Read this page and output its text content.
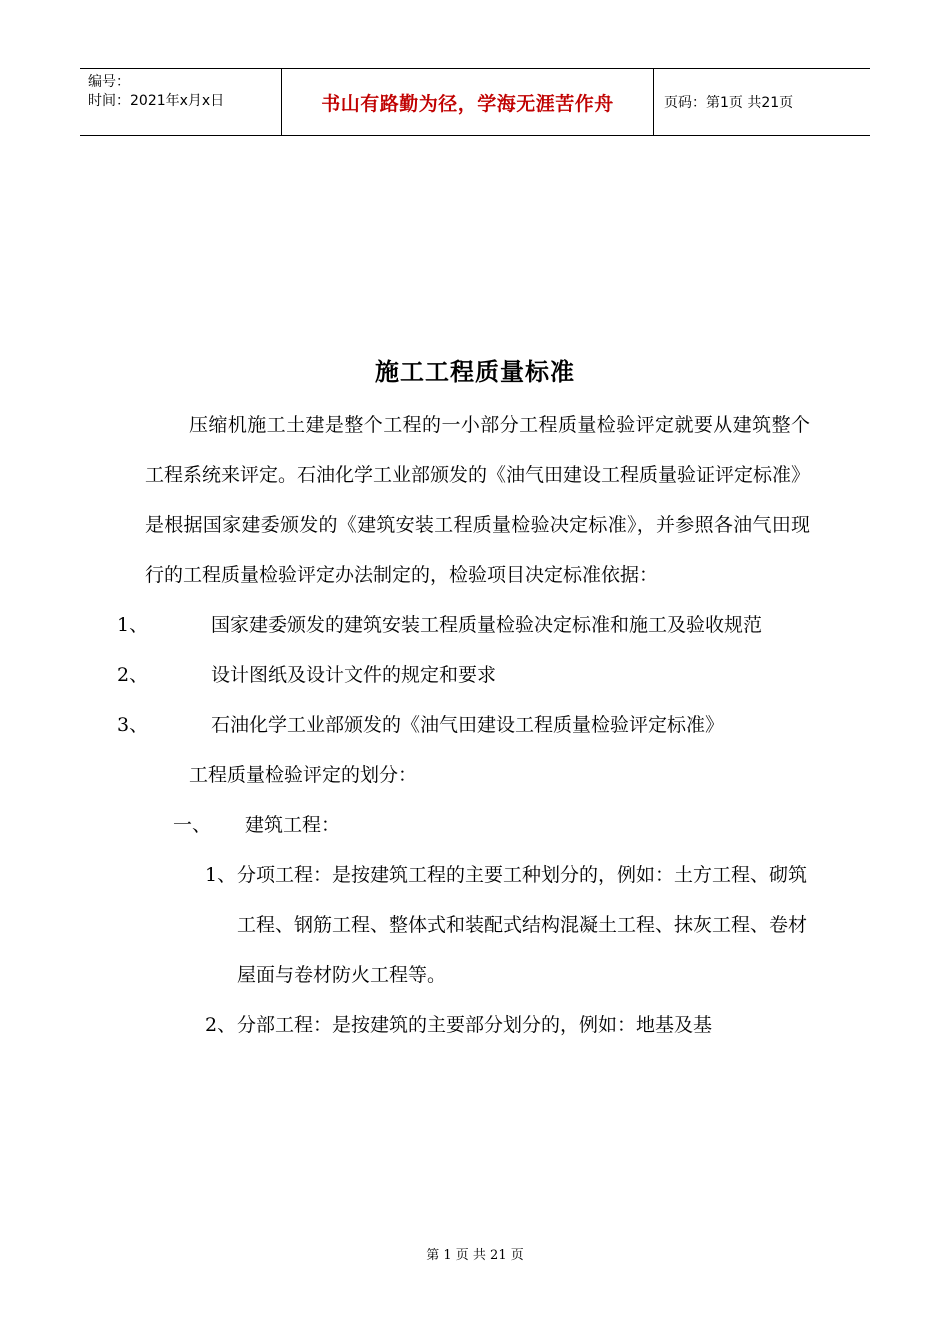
编号：
时间：2021年x月x日	书山有路勤为径，学海无涯苦作舟	页码：第1页 共21页
施工工程质量标准
压缩机施工土建是整个工程的一小部分工程质量检验评定就要从建筑整个工程系统来评定。石油化学工业部颁发的《油气田建设工程质量验证评定标准》是根据国家建委颁发的《建筑安装工程质量检验决定标准》，并参照各油气田现行的工程质量检验评定办法制定的，检验项目决定标准依据：
1、	国家建委颁发的建筑安装工程质量检验决定标准和施工及验收规范
2、	设计图纸及设计文件的规定和要求
3、	石油化学工业部颁发的《油气田建设工程质量检验评定标准》
工程质量检验评定的划分：
一、 建筑工程：
1、 分项工程：是按建筑工程的主要工种划分的，例如：土方工程、砌筑工程、钢筋工程、整体式和装配式结构混凝土工程、抹灰工程、卷材屋面与卷材防火工程等。
2、 分部工程：是按建筑的主要部分划分的，例如：地基及基
第 1 页 共 21 页
